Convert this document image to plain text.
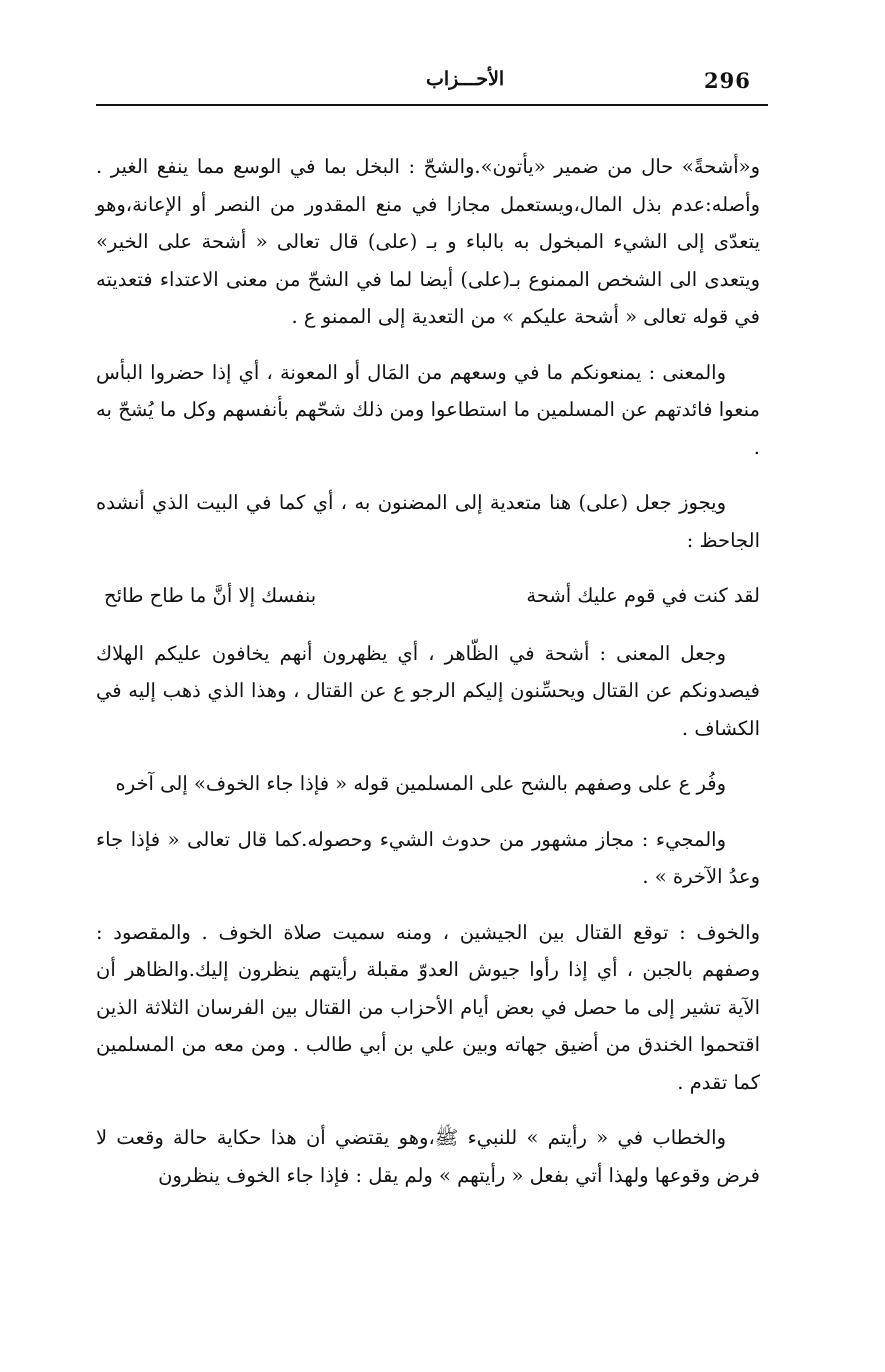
296
الأحـــزاب

و«أشحةً» حال من ضمير «يأتون».والشحّ : البخل بما في الوسع مما ينفع الغير . وأصله:عدم بذل المال،ويستعمل مجازا في منع المقدور من النصر أو الإعانة،وهو يتعدّى إلى الشيء المبخول به بالباء و بـ (على) قال تعالى « أشحة على الخير» ويتعدى الى الشخص الممنوع بـ(على) أيضا لما في الشحّ من معنى الاعتداء فتعديته في قوله تعالى « أشحة عليكم » من التعدية إلى الممنو ع .

والمعنى : يمنعونكم ما في وسعهم من المَال أو المعونة ، أي إذا حضروا البأس منعوا فائدتهم عن المسلمين ما استطاعوا ومن ذلك شحّهم بأنفسهم وكل ما يُشحّ به .

ويجوز جعل (على) هنا متعدية إلى المضنون به ، أي كما في البيت الذي أنشده الجاحظ :

لقد كنت في قوم عليك أشحة
بنفسك إلا أنَّ ما طاح طائح

وجعل المعنى : أشحة في الظّاهر ، أي يظهرون أنهم يخافون عليكم الهلاك فيصدونكم عن القتال ويحسِّنون إليكم الرجو ع عن القتال ، وهذا الذي ذهب إليه في الكشاف .

وفُر ع على وصفهم بالشح على المسلمين قوله « فإذا جاء الخوف» إلى آخره

والمجيء : مجاز مشهور من حدوث الشيء وحصوله.كما قال تعالى « فإذا جاء وعدُ الآخرة » .

والخوف : توقع القتال بين الجيشين ، ومنه سميت صلاة الخوف . والمقصود : وصفهم بالجبن ، أي إذا رأوا جيوش العدوّ مقبلة رأيتهم ينظرون إليك.والظاهر أن الآية تشير إلى ما حصل في بعض أيام الأحزاب من القتال بين الفرسان الثلاثة الذين اقتحموا الخندق من أضيق جهاته وبين علي بن أبي طالب . ومن معه من المسلمين كما تقدم .

والخطاب في « رأيتم » للنبيء ﷺ،وهو يقتضي أن هذا حكاية حالة وقعت لا فرض وقوعها ولهذا أتي بفعل « رأيتهم » ولم يقل : فإذا جاء الخوف ينظرون
